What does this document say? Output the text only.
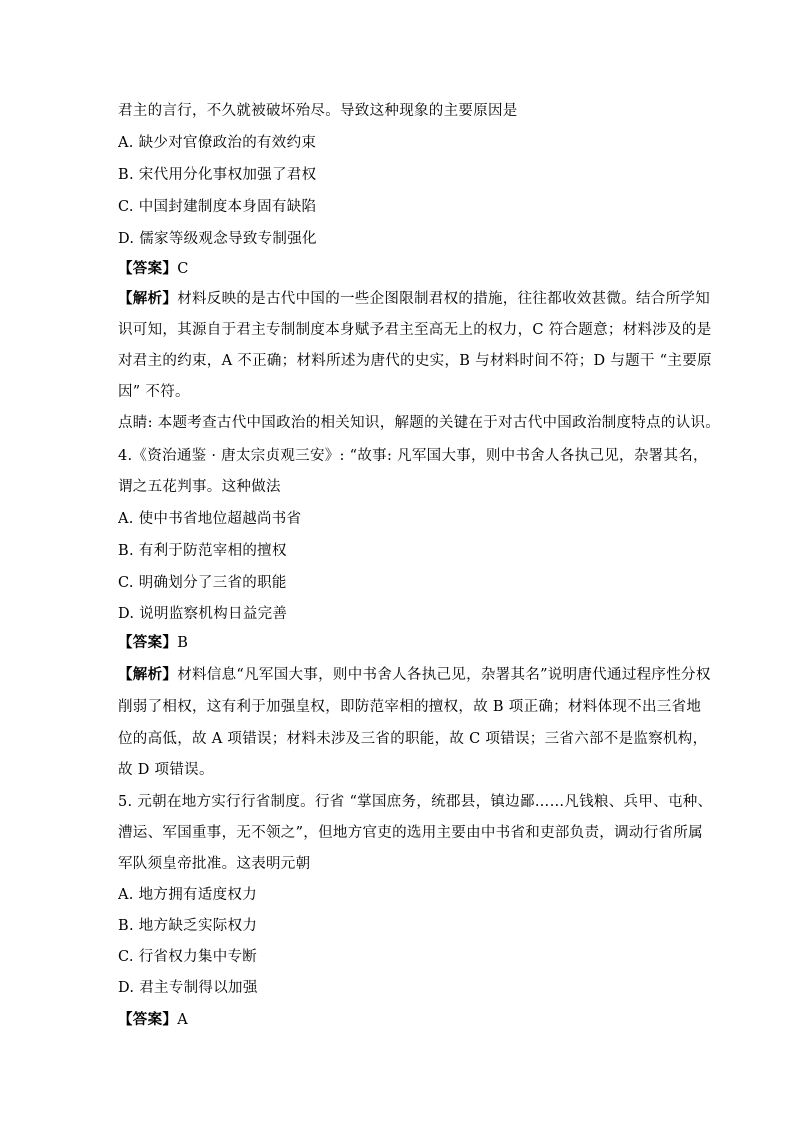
君主的言行，不久就被破坏殆尽。导致这种现象的主要原因是
A. 缺少对官僚政治的有效约束
B. 宋代用分化事权加强了君权
C. 中国封建制度本身固有缺陷
D. 儒家等级观念导致专制强化
【答案】C
【解析】材料反映的是古代中国的一些企图限制君权的措施，往往都收效甚微。结合所学知
识可知，其源自于君主专制制度本身赋予君主至高无上的权力，C 符合题意；材料涉及的是
对君主的约束，A 不正确；材料所述为唐代的史实，B 与材料时间不符；D 与题干 “主要原
因” 不符。
点睛: 本题考查古代中国政治的相关知识，解题的关键在于对古代中国政治制度特点的认识。
4.《资治通鉴 · 唐太宗贞观三安》: “故事: 凡军国大事，则中书舍人各执己见，杂署其名，
谓之五花判事。这种做法
A. 使中书省地位超越尚书省
B. 有利于防范宰相的擅权
C. 明确划分了三省的职能
D. 说明监察机构日益完善
【答案】B
【解析】材料信息“凡军国大事，则中书舍人各执己见，杂署其名”说明唐代通过程序性分权
削弱了相权，这有利于加强皇权，即防范宰相的擅权，故 B 项正确；材料体现不出三省地
位的高低，故 A 项错误；材料未涉及三省的职能，故 C 项错误；三省六部不是监察机构，
故 D 项错误。
5. 元朝在地方实行行省制度。行省 “掌国庶务，统郡县，镇边鄙……凡钱粮、兵甲、屯种、
漕运、军国重事，无不领之”，但地方官吏的选用主要由中书省和吏部负责，调动行省所属
军队须皇帝批准。这表明元朝
A. 地方拥有适度权力
B. 地方缺乏实际权力
C. 行省权力集中专断
D. 君主专制得以加强
【答案】A
